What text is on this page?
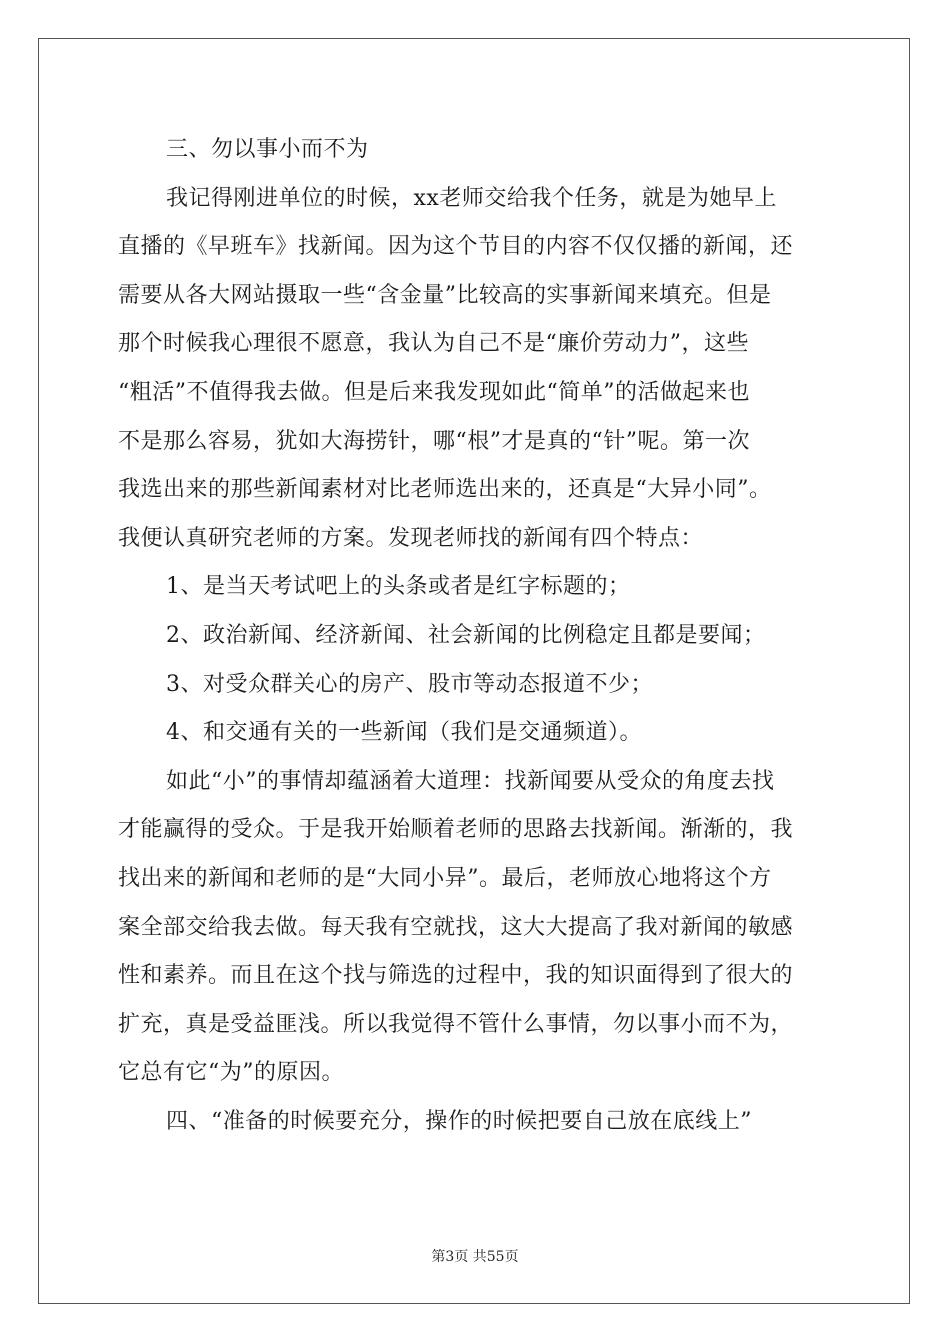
三、勿以事小而不为
我记得刚进单位的时候，xx老师交给我个任务，就是为她早上
直播的《早班车》找新闻。因为这个节目的内容不仅仅播的新闻，还
需要从各大网站摄取一些“含金量”比较高的实事新闻来填充。但是
那个时候我心理很不愿意，我认为自己不是“廉价劳动力”，这些
“粗活”不值得我去做。但是后来我发现如此“简单”的活做起来也
不是那么容易，犹如大海捞针，哪“根”才是真的“针”呢。第一次
我选出来的那些新闻素材对比老师选出来的，还真是“大异小同”。
我便认真研究老师的方案。发现老师找的新闻有四个特点：
1、是当天考试吧上的头条或者是红字标题的；
2、政治新闻、经济新闻、社会新闻的比例稳定且都是要闻；
3、对受众群关心的房产、股市等动态报道不少；
4、和交通有关的一些新闻（我们是交通频道）。
如此“小”的事情却蕴涵着大道理：找新闻要从受众的角度去找
才能赢得的受众。于是我开始顺着老师的思路去找新闻。渐渐的，我
找出来的新闻和老师的是“大同小异”。最后，老师放心地将这个方
案全部交给我去做。每天我有空就找，这大大提高了我对新闻的敏感
性和素养。而且在这个找与筛选的过程中，我的知识面得到了很大的
扩充，真是受益匪浅。所以我觉得不管什么事情，勿以事小而不为，
它总有它“为”的原因。
四、“准备的时候要充分，操作的时候把要自己放在底线上”
第3页 共55页
